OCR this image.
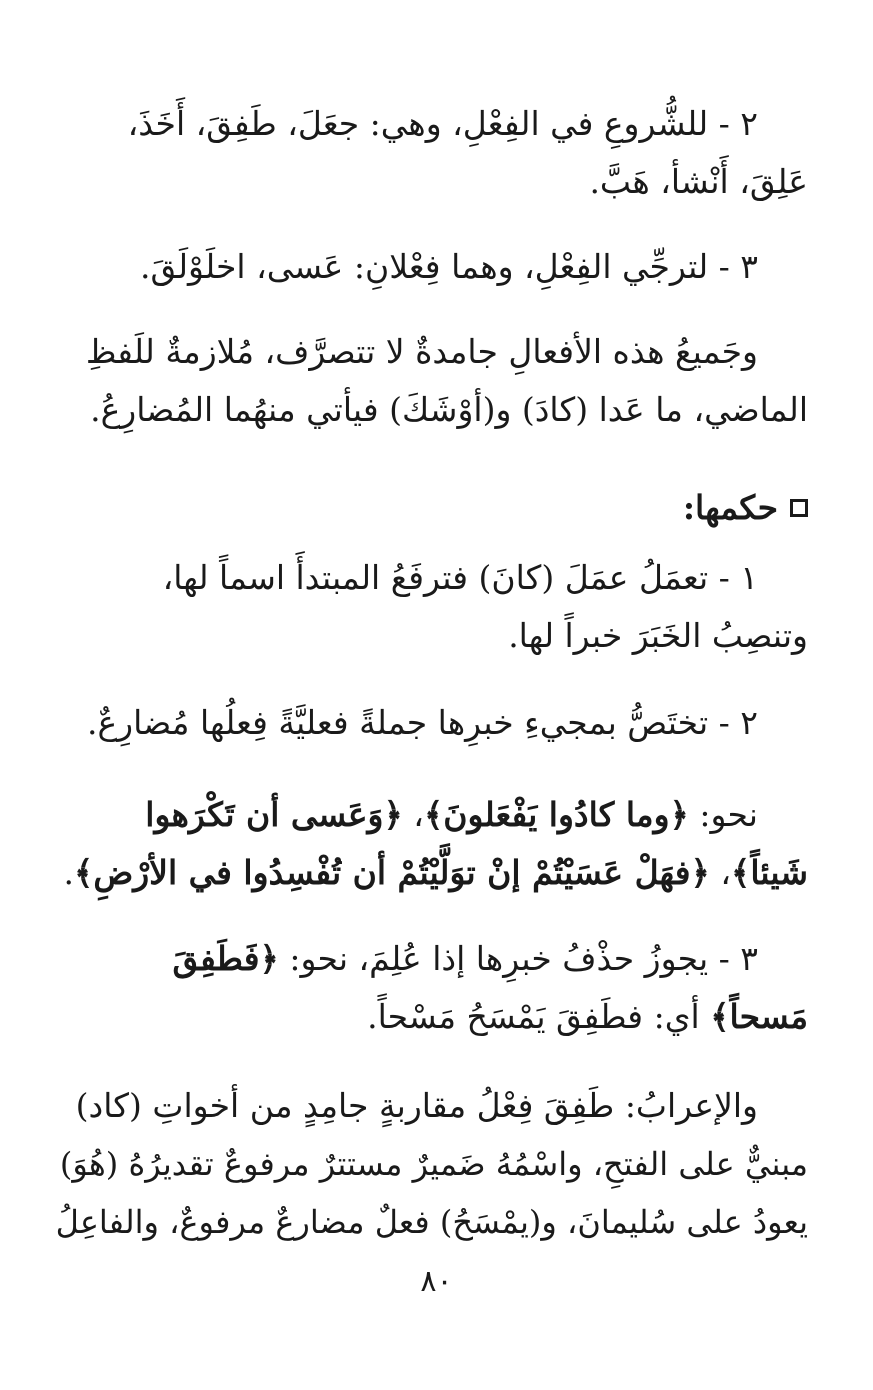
٢ - للشُّروعِ في الفِعْلِ، وهي: جعَلَ، طَفِقَ، أَخَذَ،
عَلِقَ، أَنْشأ، هَبَّ.
٣ - لترجِّي الفِعْلِ، وهما فِعْلانِ: عَسى، اخلَوْلَقَ.
وجَميعُ هذه الأفعالِ جامدةٌ لا تتصرَّف، مُلازمةٌ للَفظِ
الماضي، ما عَدا (كادَ) و(أوْشَكَ) فيأتي منهُما المُضارِعُ.
حكمها:
١ - تعمَلُ عمَلَ (كانَ) فترفَعُ المبتدأَ اسماً لها،
وتنصِبُ الخَبَرَ خبراً لها.
٢ - تختَصُّ بمجيءِ خبرِها جملةً فعليَّةً فِعلُها مُضارِعٌ.
نحو: ﴿وما كادُوا يَفْعَلونَ﴾، ﴿وَعَسى أن تَكْرَهوا
شَيئاً﴾، ﴿فهَلْ عَسَيْتُمْ إنْ توَلَّيْتُمْ أن تُفْسِدُوا في الأرْضِ﴾.
٣ - يجوزُ حذْفُ خبرِها إذا عُلِمَ، نحو: ﴿فَطَفِقَ
مَسحاً﴾ أي: فطَفِقَ يَمْسَحُ مَسْحاً.
والإعرابُ: طَفِقَ فِعْلُ مقاربةٍ جامِدٍ من أخواتِ (كاد)
مبنيٌّ على الفتحِ، واسْمُهُ ضَميرٌ مستترٌ مرفوعٌ تقديرُهُ (هُوَ)
يعودُ على سُليمانَ، و(يمْسَحُ) فعلٌ مضارعٌ مرفوعٌ، والفاعِلُ
٨٠
